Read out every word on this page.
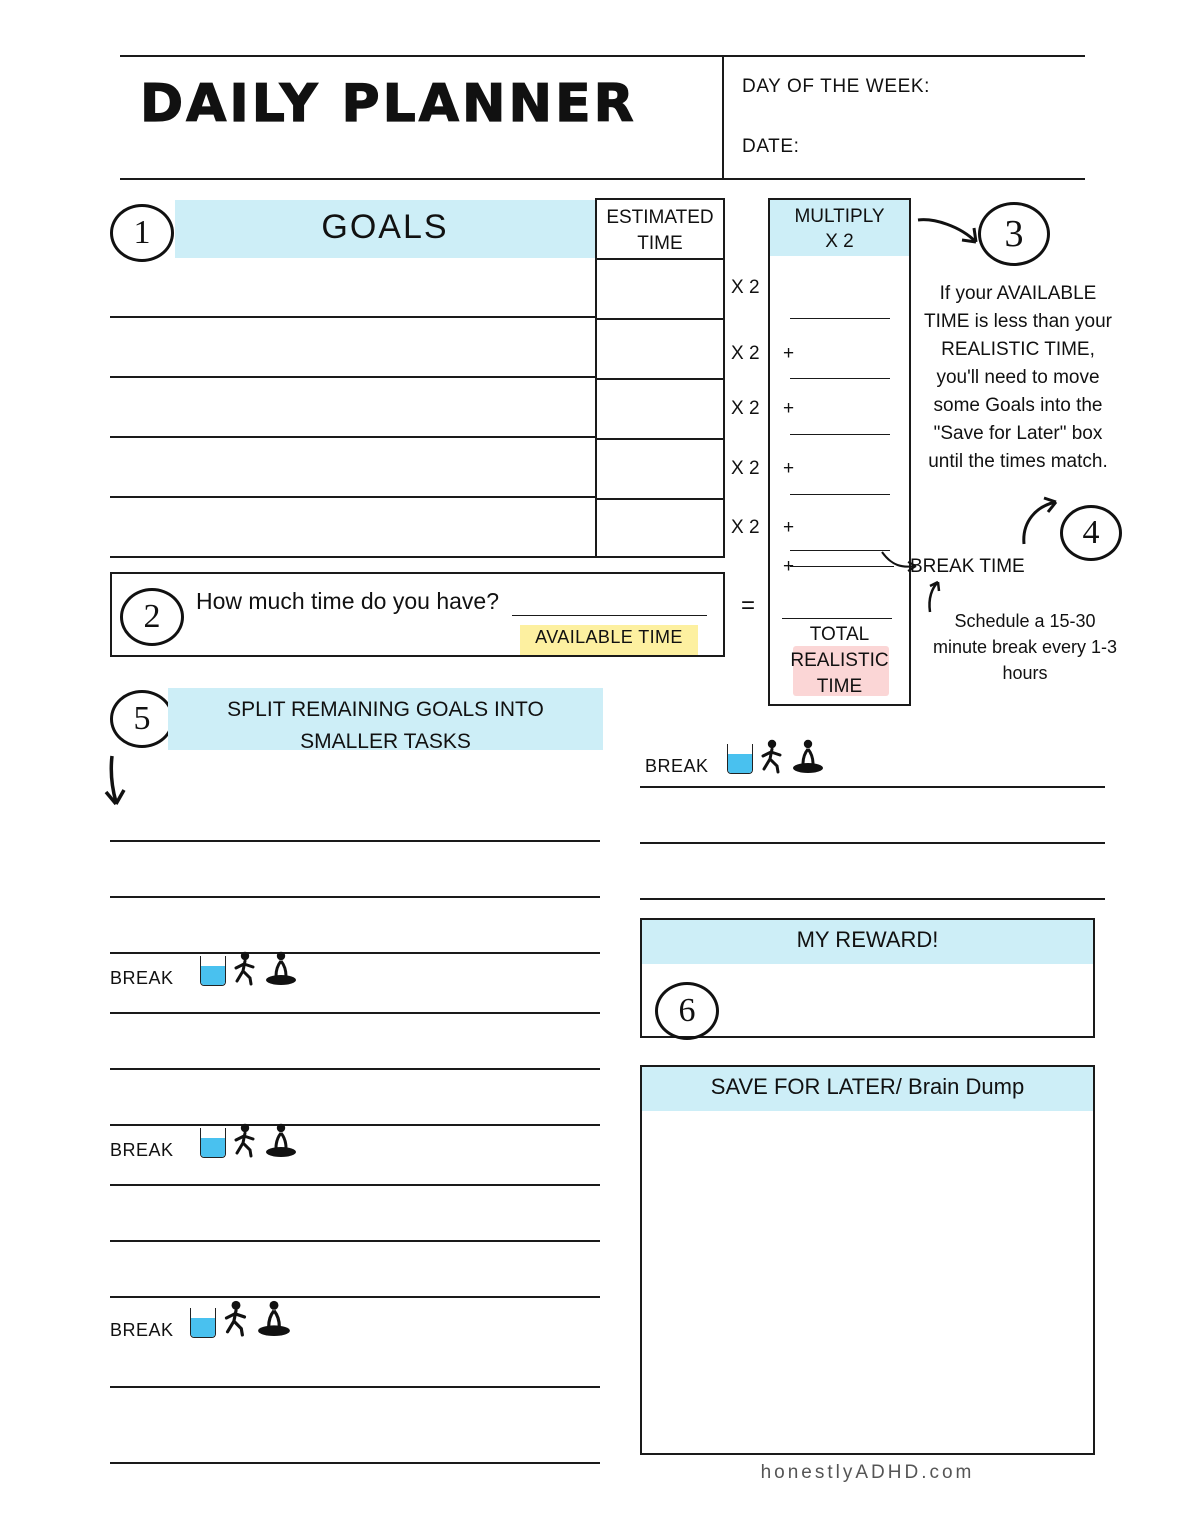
DAILY PLANNER	DAY OF THE WEEK:
DATE:
GOALS
1	ESTIMATED
TIME
MULTIPLY
X 2
X 2
X 2 +
X 2 +
X 2 +
X 2 +
+
=
TOTAL
REALISTIC
TIME
3
If your AVAILABLE TIME is less than your REALISTIC TIME, you'll need to move some Goals into the "Save for Later" box until the times match.
4
BREAK TIME
Schedule a 15-30 minute break every 1-3 hours
2	How much time do you have?
AVAILABLE TIME
5	SPLIT REMAINING GOALS INTO
SMALLER TASKS
BREAK
BREAK
BREAK
BREAK
MY REWARD!
6
SAVE FOR LATER/ Brain Dump
honestlyADHD.com
